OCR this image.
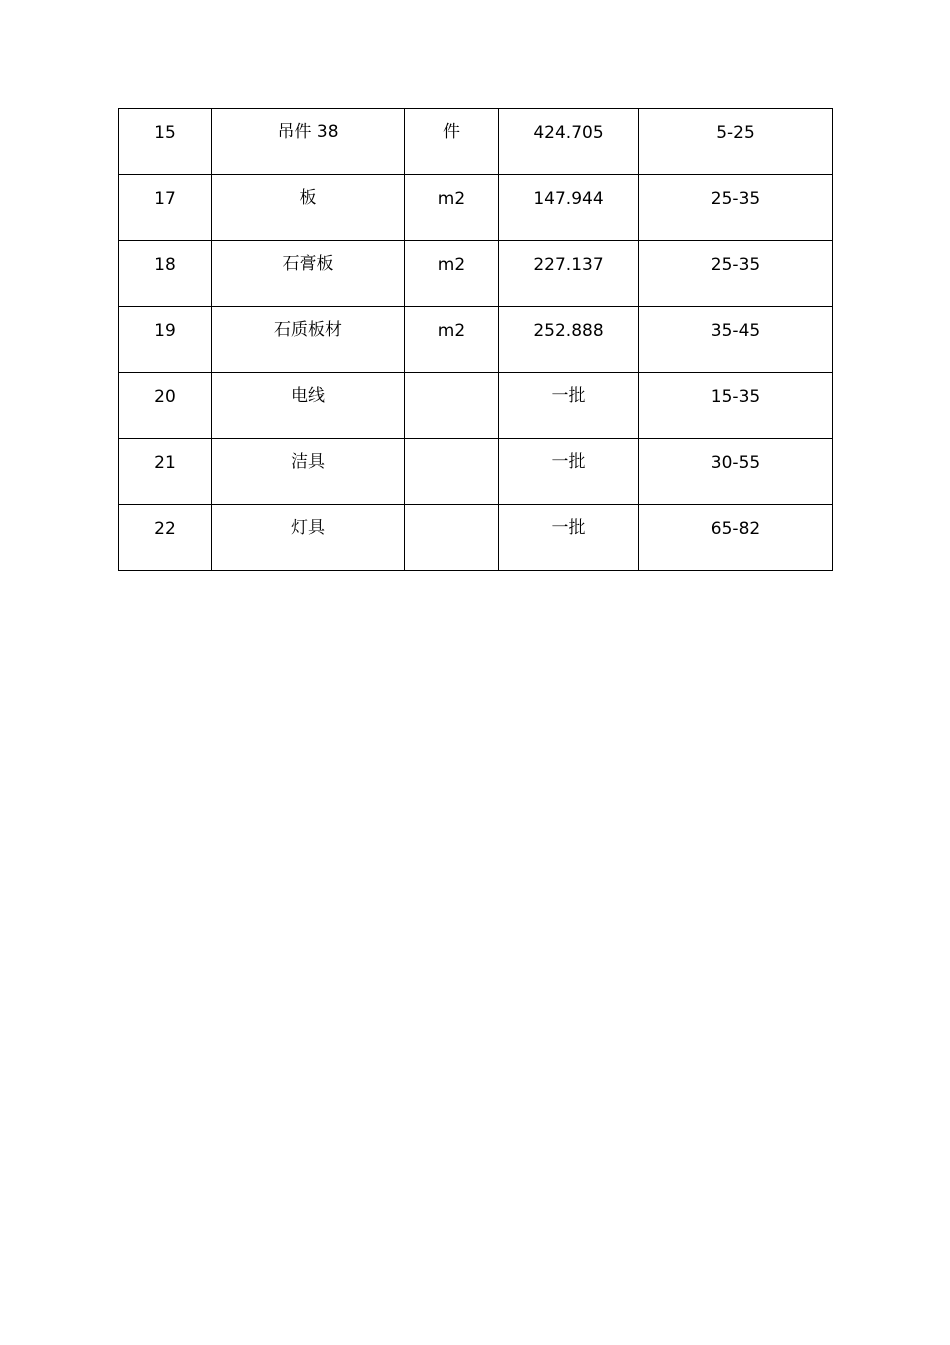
15	吊件 38	件	424.705	5-25

17	板	m2	147.944	25-35

18	石膏板	m2	227.137	25-35

19	石质板材	m2	252.888	35-45

20	电线		一批	15-35

21	洁具		一批	30-55

22	灯具		一批	65-82
